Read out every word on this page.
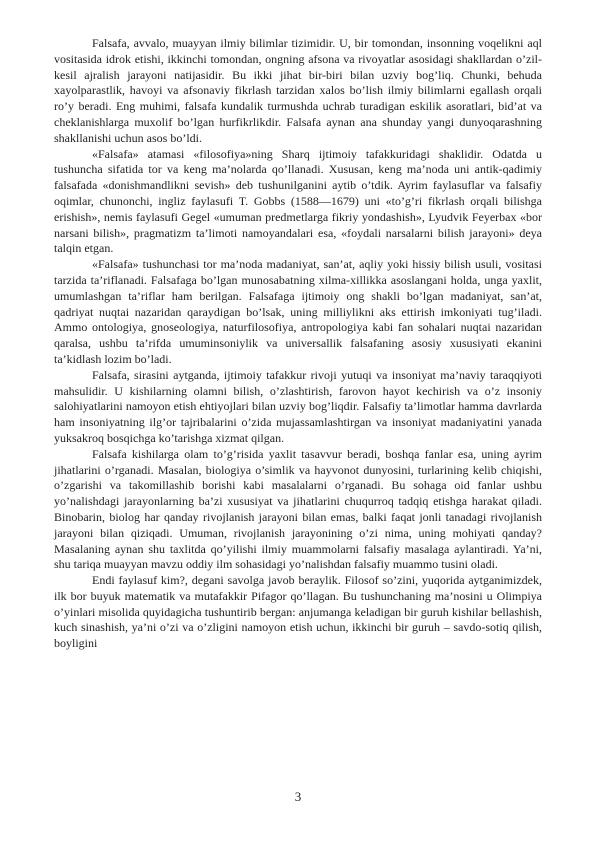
Falsafa, avvalo, muayyan ilmiy bilimlar tizimidir. U, bir tomondan, insonning voqelikni aql vositasida idrok etishi, ikkinchi tomondan, ongning afsona va rivoyatlar asosidagi shakllardan o’zil-kesil ajralish jarayoni natijasidir. Bu ikki jihat bir-biri bilan uzviy bog’liq. Chunki, behuda xayolparastlik, havoyi va afsonaviy fikrlash tarzidan xalos bo’lish ilmiy bilimlarni egallash orqali ro’y beradi. Eng muhimi, falsafa kundalik turmushda uchrab turadigan eskilik asoratlari, bid’at va cheklanishlarga muxolif bo’lgan hurfikrlikdir. Falsafa aynan ana shunday yangi dunyoqarashning shakllanishi uchun asos bo’ldi.

«Falsafa» atamasi «filosofiya»ning Sharq ijtimoiy tafakkuridagi shaklidir. Odatda u tushuncha sifatida tor va keng ma’nolarda qo’llanadi. Xususan, keng ma’noda uni antik-qadimiy falsafada «donishmandlikni sevish» deb tushunilganini aytib o’tdik. Ayrim faylasuflar va falsafiy oqimlar, chunonchi, ingliz faylasufi T. Gobbs (1588—1679) uni «to’g’ri fikrlash orqali bilishga erishish», nemis faylasufi Gegel «umuman predmetlarga fikriy yondashish», Lyudvik Feyerbax «bor narsani bilish», pragmatizm ta’limoti namoyandalari esa, «foydali narsalarni bilish jarayoni» deya talqin etgan.

«Falsafa» tushunchasi tor ma’noda madaniyat, san’at, aqliy yoki hissiy bilish usuli, vositasi tarzida ta’riflanadi. Falsafaga bo’lgan munosabatning xilma-xillikka asoslangani holda, unga yaxlit, umumlashgan ta’riflar ham berilgan. Falsafaga ijtimoiy ong shakli bo’lgan madaniyat, san’at, qadriyat nuqtai nazaridan qaraydigan bo’lsak, uning milliylikni aks ettirish imkoniyati tug’iladi. Ammo ontologiya, gnoseologiya, naturfilosofiya, antropologiya kabi fan sohalari nuqtai nazaridan qaralsa, ushbu ta’rifda umuminsoniylik va universallik falsafaning asosiy xususiyati ekanini ta’kidlash lozim bo’ladi.

Falsafa, sirasini aytganda, ijtimoiy tafakkur rivoji yutuqi va insoniyat ma’naviy taraqqiyoti mahsulidir. U kishilarning olamni bilish, o’zlashtirish, farovon hayot kechirish va o’z insoniy salohiyatlarini namoyon etish ehtiyojlari bilan uzviy bog’liqdir. Falsafiy ta’limotlar hamma davrlarda ham insoniyatning ilg’or tajribalarini o’zida mujassamlashtirgan va insoniyat madaniyatini yanada yuksakroq bosqichga ko’tarishga xizmat qilgan.

Falsafa kishilarga olam to’g’risida yaxlit tasavvur beradi, boshqa fanlar esa, uning ayrim jihatlarini o’rganadi. Masalan, biologiya o’simlik va hayvonot dunyosini, turlarining kelib chiqishi, o’zgarishi va takomillashib borishi kabi masalalarni o’rganadi. Bu sohaga oid fanlar ushbu yo’nalishdagi jarayonlarning ba’zi xususiyat va jihatlarini chuqurroq tadqiq etishga harakat qiladi. Binobarin, biolog har qanday rivojlanish jarayoni bilan emas, balki faqat jonli tanadagi rivojlanish jarayoni bilan qiziqadi. Umuman, rivojlanish jarayonining o’zi nima, uning mohiyati qanday? Masalaning aynan shu taxlitda qo’yilishi ilmiy muammolarni falsafiy masalaga aylantiradi. Ya’ni, shu tariqa muayyan mavzu oddiy ilm sohasidagi yo’nalishdan falsafiy muammo tusini oladi.

Endi faylasuf kim?, degani savolga javob beraylik. Filosof so’zini, yuqorida aytganimizdek, ilk bor buyuk matematik va mutafakkir Pifagor qo’llagan. Bu tushunchaning ma’nosini u Olimpiya o’yinlari misolida quyidagicha tushuntirib bergan: anjumanga keladigan bir guruh kishilar bellashish, kuch sinashish, ya’ni o’zi va o’zligini namoyon etish uchun, ikkinchi bir guruh – savdo-sotiq qilish, boyligini

3
